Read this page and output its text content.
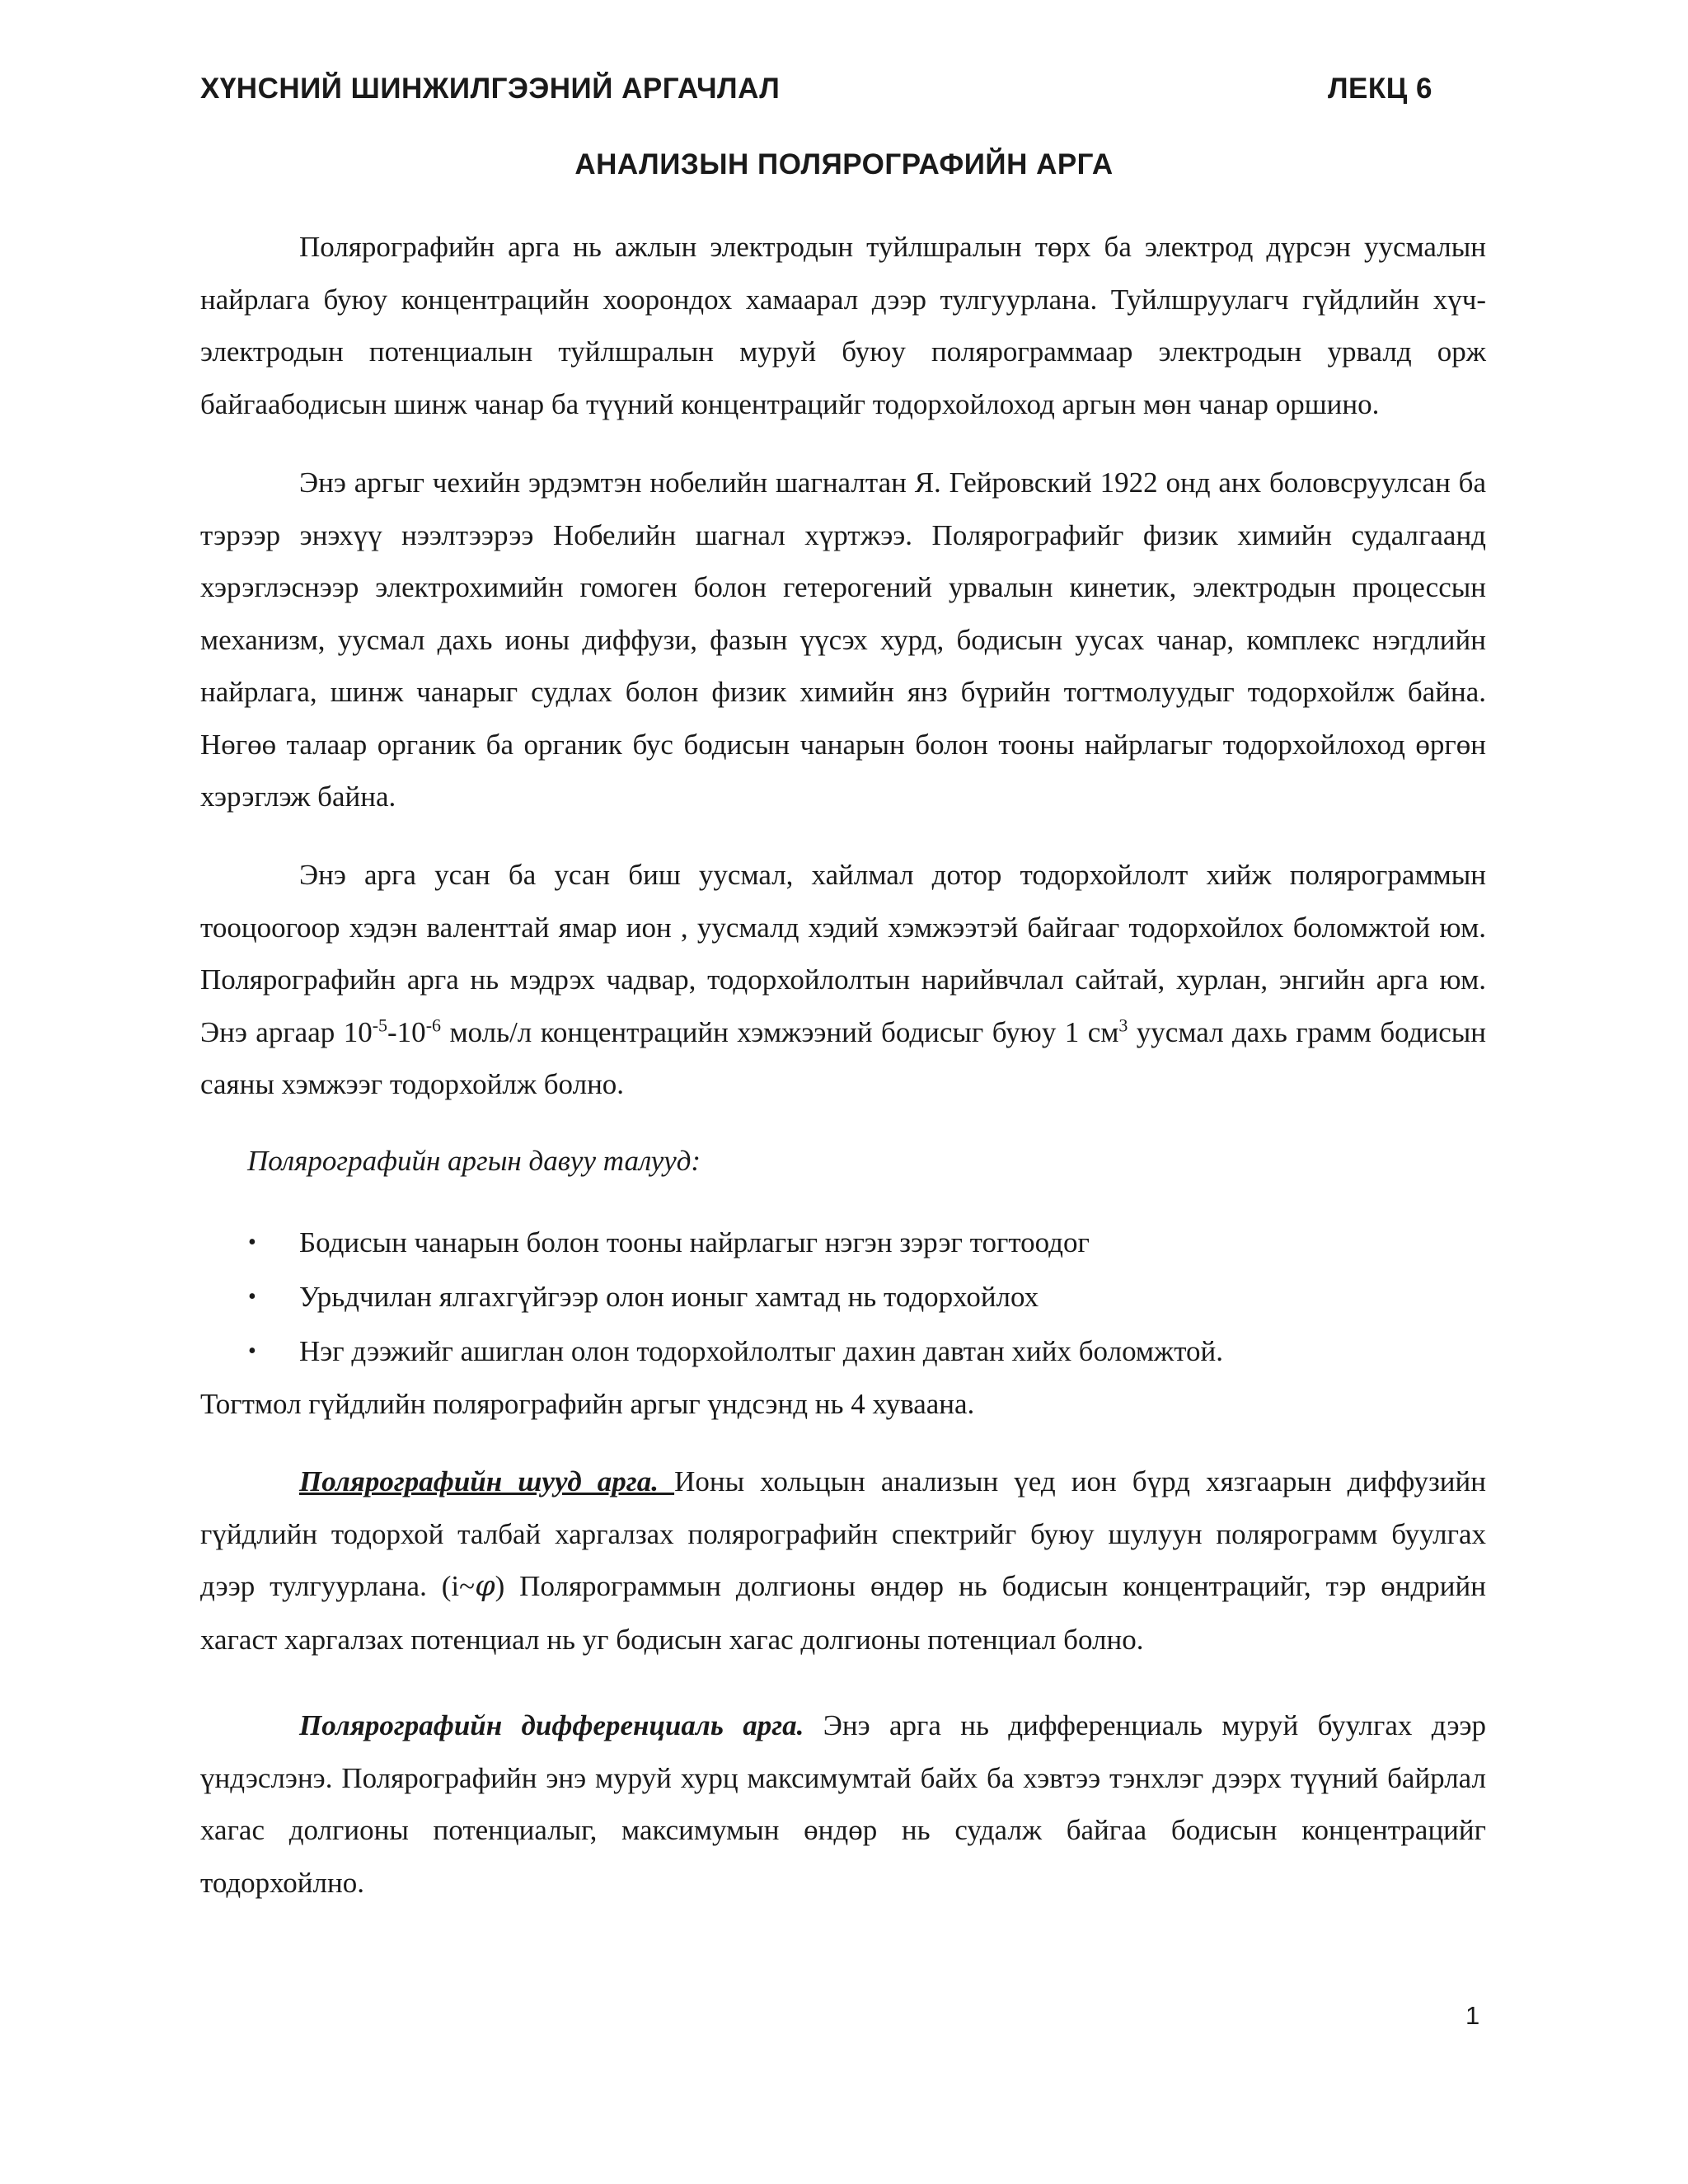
ХҮНСНИЙ ШИНЖИЛГЭЭНИЙ АРГАЧЛАЛ	ЛЕКЦ 6
АНАЛИЗЫН ПОЛЯРОГРАФИЙН АРГА

Полярографийн арга нь ажлын электродын туйлшралын төрх ба электрод дүрсэн уусмалын найрлага буюу концентрацийн хоорондох хамаарал дээр тулгуурлана. Туйлшруулагч гүйдлийн хүч-электродын потенциалын туйлшралын муруй буюу полярограммаар электродын урвалд орж байгаабодисын шинж чанар ба түүний концентрацийг тодорхойлоход аргын мөн чанар оршино.

Энэ аргыг чехийн эрдэмтэн нобелийн шагналтан Я. Гейровский 1922 онд анх боловсруулсан ба тэрээр энэхүү нээлтээрээ Нобелийн шагнал хүртжээ. Полярографийг физик химийн судалгаанд хэрэглэснээр электрохимийн гомоген болон гетерогений урвалын кинетик, электродын процессын механизм, уусмал дахь ионы диффузи, фазын үүсэх хурд, бодисын уусах чанар, комплекс нэгдлийн найрлага, шинж чанарыг судлах болон физик химийн янз бүрийн тогтмолуудыг тодорхойлж байна. Нөгөө талаар органик ба органик бус бодисын чанарын болон тооны найрлагыг тодорхойлоход өргөн хэрэглэж байна.

Энэ арга усан ба усан биш уусмал, хайлмал дотор тодорхойлолт хийж полярограммын тооцоогоор хэдэн валенттай ямар ион , уусмалд хэдий хэмжээтэй байгааг тодорхойлох боломжтой юм. Полярографийн арга нь мэдрэх чадвар, тодорхойлолтын нарийвчлал сайтай, хурлан, энгийн арга юм. Энэ аргаар $10^{-5}-10^{-6}$ моль/л концентрацийн хэмжээний бодисыг буюу 1 $см^3$ уусмал дахь грамм бодисын саяны хэмжээг тодорхойлж болно.

Полярографийн аргын давуу талууд:
• Бодисын чанарын болон тооны найрлагыг нэгэн зэрэг тогтоодог
• Урьдчилан ялгахгүйгээр олон ионыг хамтад нь тодорхойлох
• Нэг дээжийг ашиглан олон тодорхойлолтыг дахин давтан хийх боломжтой.
Тогтмол гүйдлийн полярографийн аргыг үндсэнд нь 4 хуваана.

Полярографийн шууд арга. Ионы хольцын анализын үед ион бүрд хязгаарын диффузийн гүйдлийн тодорхой талбай харгалзах полярографийн спектрийг буюу шулуун полярограмм буулгах дээр тулгуурлана. (i~φ) Полярограммын долгионы өндөр нь бодисын концентрацийг, тэр өндрийн хагаст харгалзах потенциал нь уг бодисын хагас долгионы потенциал болно.

Полярографийн дифференциаль арга. Энэ арга нь дифференциаль муруй буулгах дээр үндэслэнэ. Полярографийн энэ муруй хурц максимумтай байх ба хэвтээ тэнхлэг дээрх түүний байрлал хагас долгионы потенциалыг, максимумын өндөр нь судалж байгаа бодисын концентрацийг тодорхойлно.

1
